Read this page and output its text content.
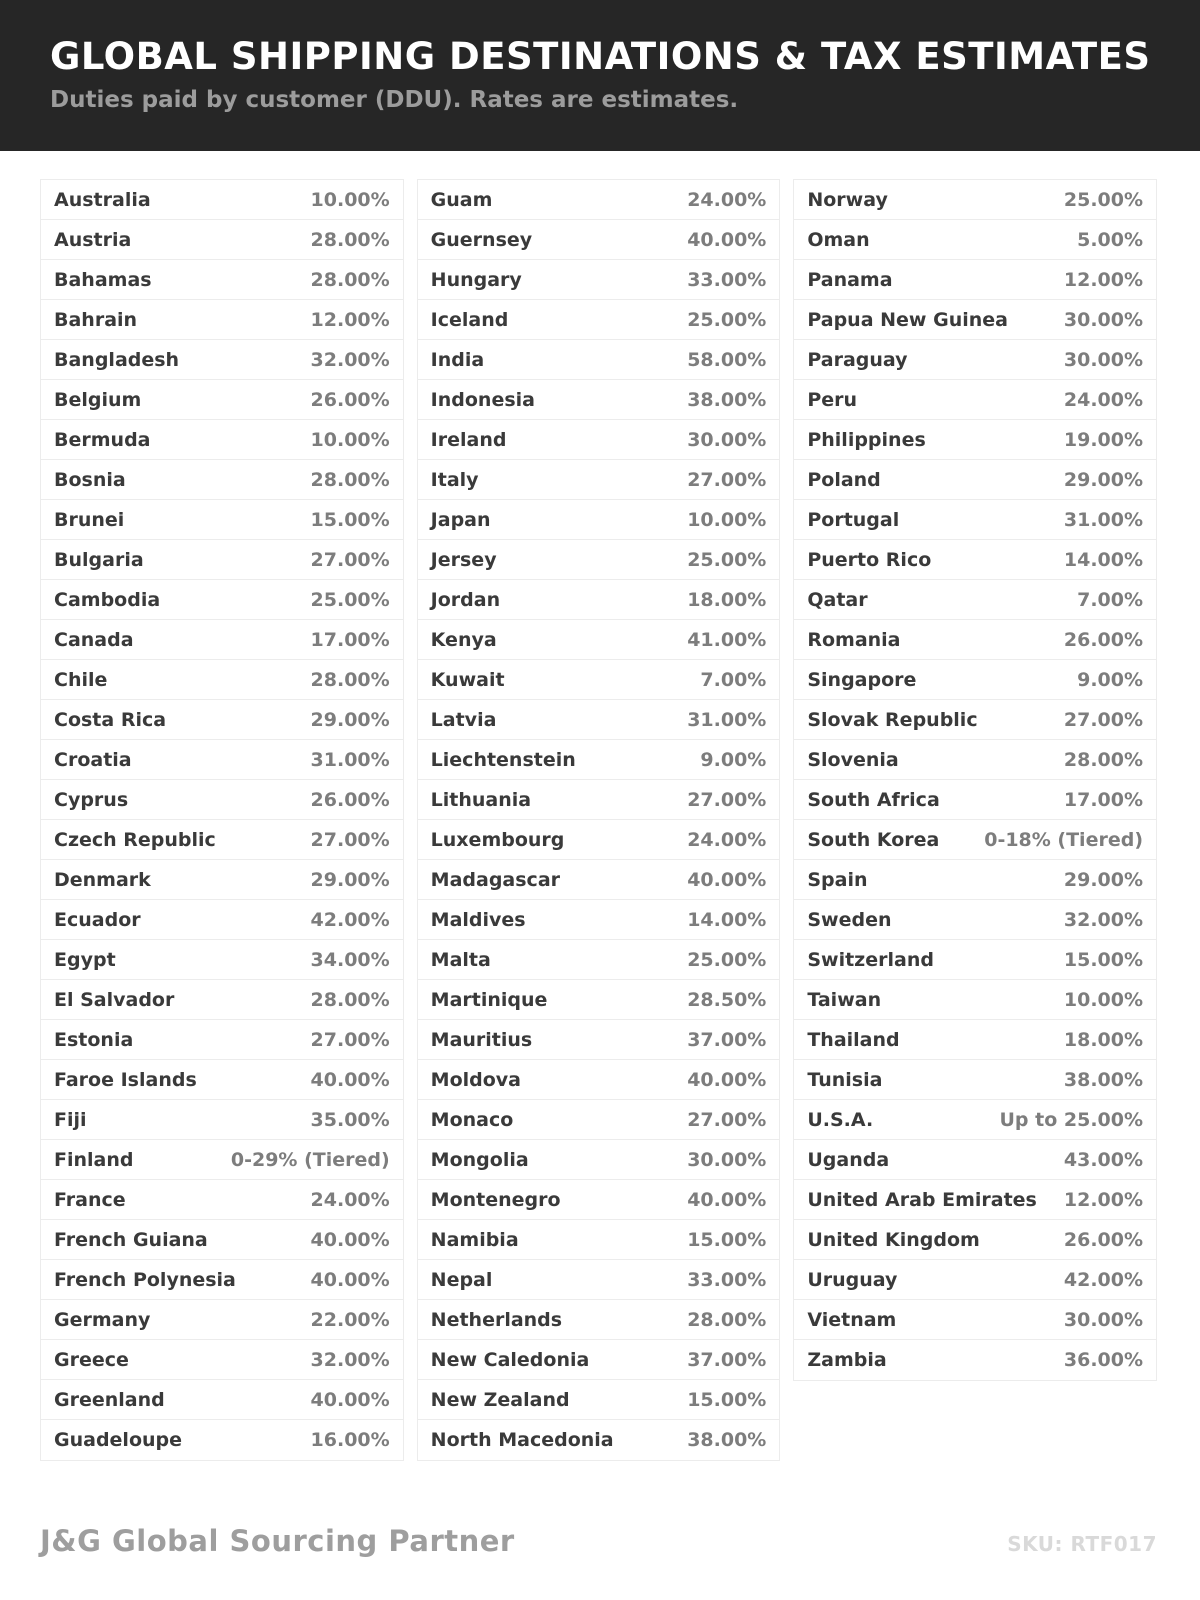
GLOBAL SHIPPING DESTINATIONS & TAX ESTIMATES

Duties paid by customer (DDU). Rates are estimates.

Australia	10.00%
Austria	28.00%
Bahamas	28.00%
Bahrain	12.00%
Bangladesh	32.00%
Belgium	26.00%
Bermuda	10.00%
Bosnia	28.00%
Brunei	15.00%
Bulgaria	27.00%
Cambodia	25.00%
Canada	17.00%
Chile	28.00%
Costa Rica	29.00%
Croatia	31.00%
Cyprus	26.00%
Czech Republic	27.00%
Denmark	29.00%
Ecuador	42.00%
Egypt	34.00%
El Salvador	28.00%
Estonia	27.00%
Faroe Islands	40.00%
Fiji	35.00%
Finland	0-29% (Tiered)
France	24.00%
French Guiana	40.00%
French Polynesia	40.00%
Germany	22.00%
Greece	32.00%
Greenland	40.00%
Guadeloupe	16.00%
Guam	24.00%
Guernsey	40.00%
Hungary	33.00%
Iceland	25.00%
India	58.00%
Indonesia	38.00%
Ireland	30.00%
Italy	27.00%
Japan	10.00%
Jersey	25.00%
Jordan	18.00%
Kenya	41.00%
Kuwait	7.00%
Latvia	31.00%
Liechtenstein	9.00%
Lithuania	27.00%
Luxembourg	24.00%
Madagascar	40.00%
Maldives	14.00%
Malta	25.00%
Martinique	28.50%
Mauritius	37.00%
Moldova	40.00%
Monaco	27.00%
Mongolia	30.00%
Montenegro	40.00%
Namibia	15.00%
Nepal	33.00%
Netherlands	28.00%
New Caledonia	37.00%
New Zealand	15.00%
North Macedonia	38.00%
Norway	25.00%
Oman	5.00%
Panama	12.00%
Papua New Guinea	30.00%
Paraguay	30.00%
Peru	24.00%
Philippines	19.00%
Poland	29.00%
Portugal	31.00%
Puerto Rico	14.00%
Qatar	7.00%
Romania	26.00%
Singapore	9.00%
Slovak Republic	27.00%
Slovenia	28.00%
South Africa	17.00%
South Korea 0-18% (Tiered)
Spain	29.00%
Sweden	32.00%
Switzerland	15.00%
Taiwan	10.00%
Thailand	18.00%
Tunisia	38.00%
U.S.A.	Up to 25.00%
Uganda	43.00%
United Arab Emirates 12.00%
United Kingdom	26.00%
Uruguay	42.00%
Vietnam	30.00%
Zambia	36.00%
J&G Global Sourcing Partner	SKU: RTF017
